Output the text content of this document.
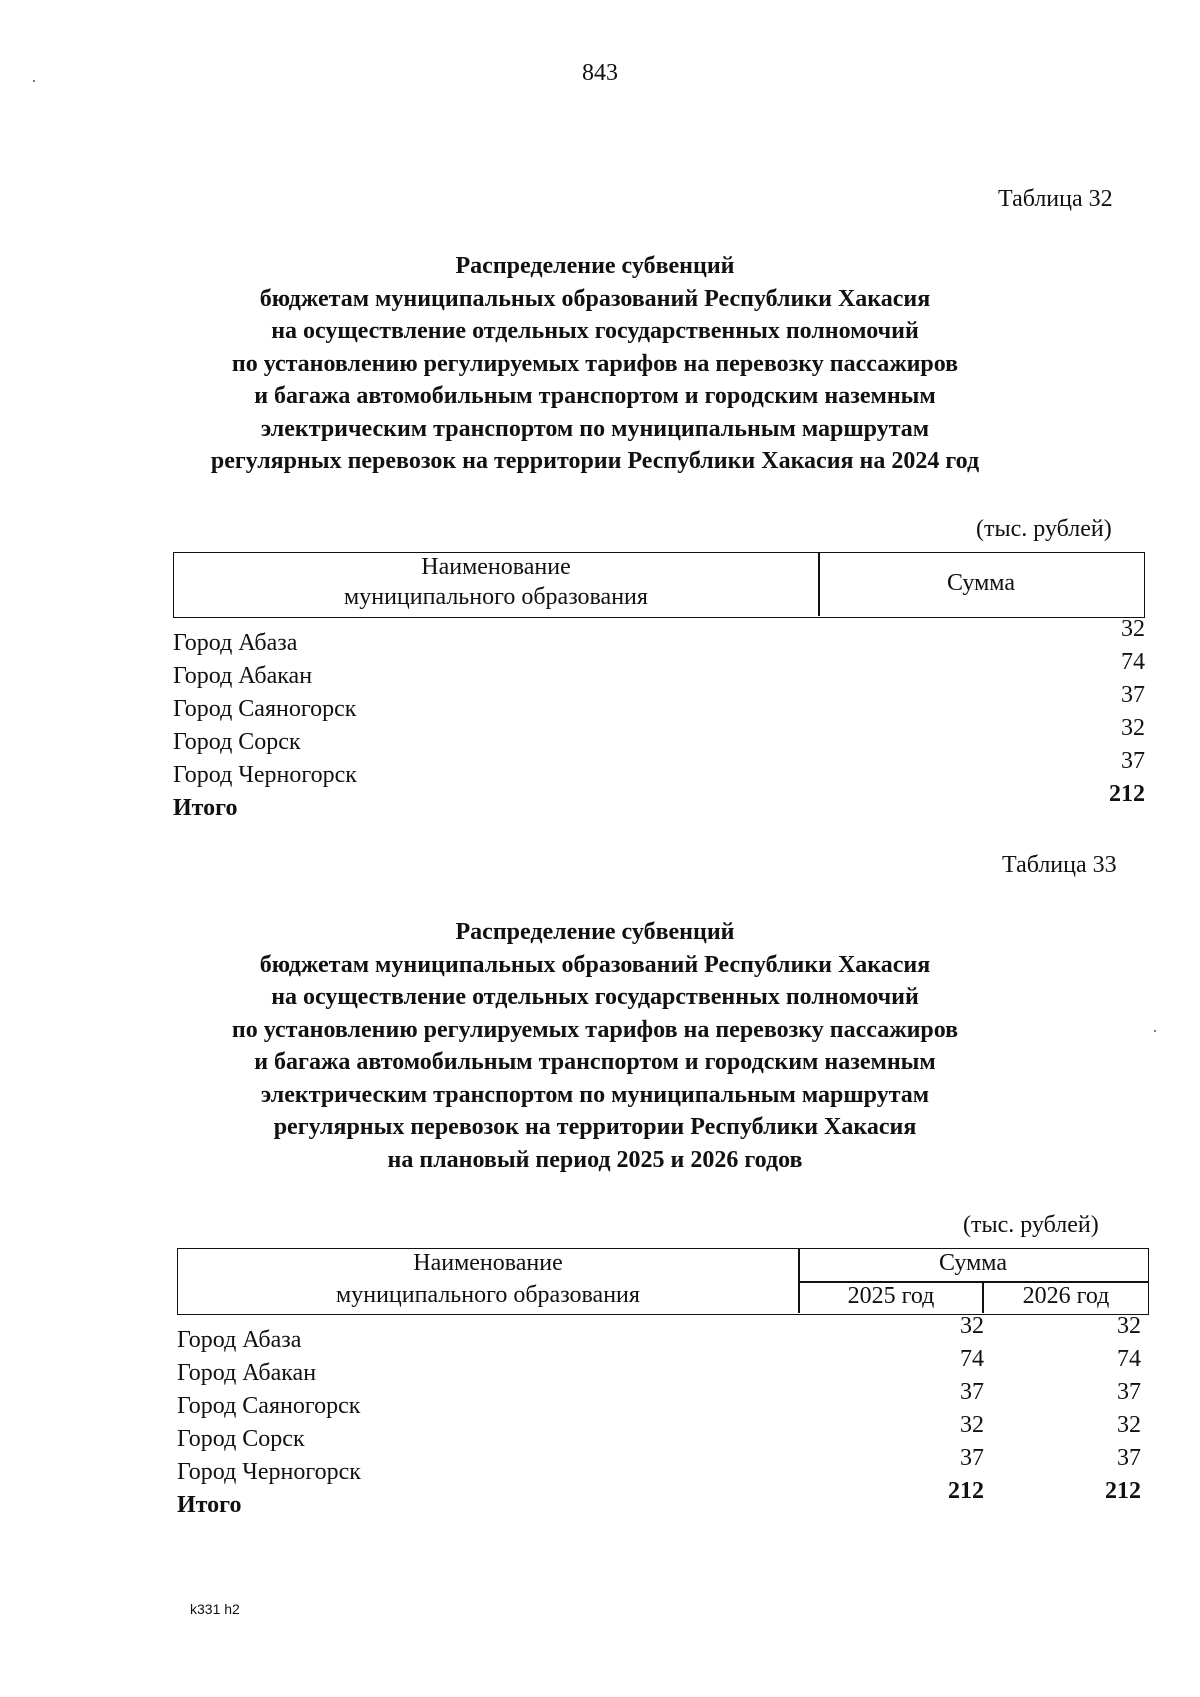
843
Таблица 32
Распределение субвенций
бюджетам муниципальных образований Республики Хакасия
на осуществление отдельных государственных полномочий
по установлению регулируемых тарифов на перевозку пассажиров
и багажа автомобильным транспортом и городским наземным
электрическим транспортом по муниципальным маршрутам
регулярных перевозок на территории Республики Хакасия на 2024 год
(тыс. рублей)
Наименование
муниципального образования
Сумма
Город Абаза
32
Город Абакан
74
Город Саяногорск
37
Город Сорск
32
Город Черногорск
37
Итого
212
Таблица 33
Распределение субвенций
бюджетам муниципальных образований Республики Хакасия
на осуществление отдельных государственных полномочий
по установлению регулируемых тарифов на перевозку пассажиров
и багажа автомобильным транспортом и городским наземным
электрическим транспортом по муниципальным маршрутам
регулярных перевозок на территории Республики Хакасия
на плановый период 2025 и 2026 годов
(тыс. рублей)
Наименование
муниципального образования
Сумма
2025 год	2026 год
Город Абаза
32	32
Город Абакан
74	74
Город Саяногорск
37	37
Город Сорск
32	32
Город Черногорск
37	37
Итого
212	212
k331 h2
